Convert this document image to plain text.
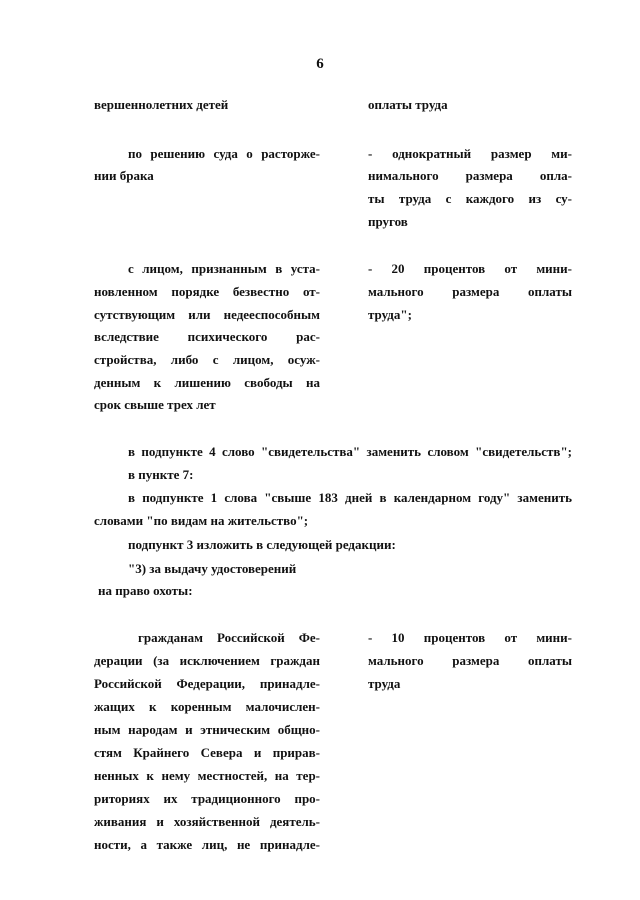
6
вершеннолетних детей	оплаты труда
по решению суда о расторже-
нии брака
- однократный размер ми-
нимального размера опла-
ты труда с каждого из су-
пругов
с лицом, признанным в уста-
новленном порядке безвестно от-
сутствующим или недееспособным
вследствие психического рас-
стройства, либо с лицом, осуж-
денным к лишению свободы на
срок свыше трех лет
- 20 процентов от мини-
мального размера оплаты
труда";
в подпункте 4 слово "свидетельства" заменить словом "свидетельств";
в пункте 7:
в подпункте 1 слова "свыше 183 дней в календарном году" заменить
словами "по видам на жительство";
подпункт 3 изложить в следующей редакции:
"3) за выдачу удостоверений
на право охоты:
гражданам Российской Фе-
дерации (за исключением граждан
Российской Федерации, принадле-
жащих к коренным малочислен-
ным народам и этническим общно-
стям Крайнего Севера и прирав-
ненных к нему местностей, на тер-
риториях их традиционного про-
живания и хозяйственной деятель-
ности, а также лиц, не принадле-
- 10 процентов от мини-
мального размера оплаты
труда
